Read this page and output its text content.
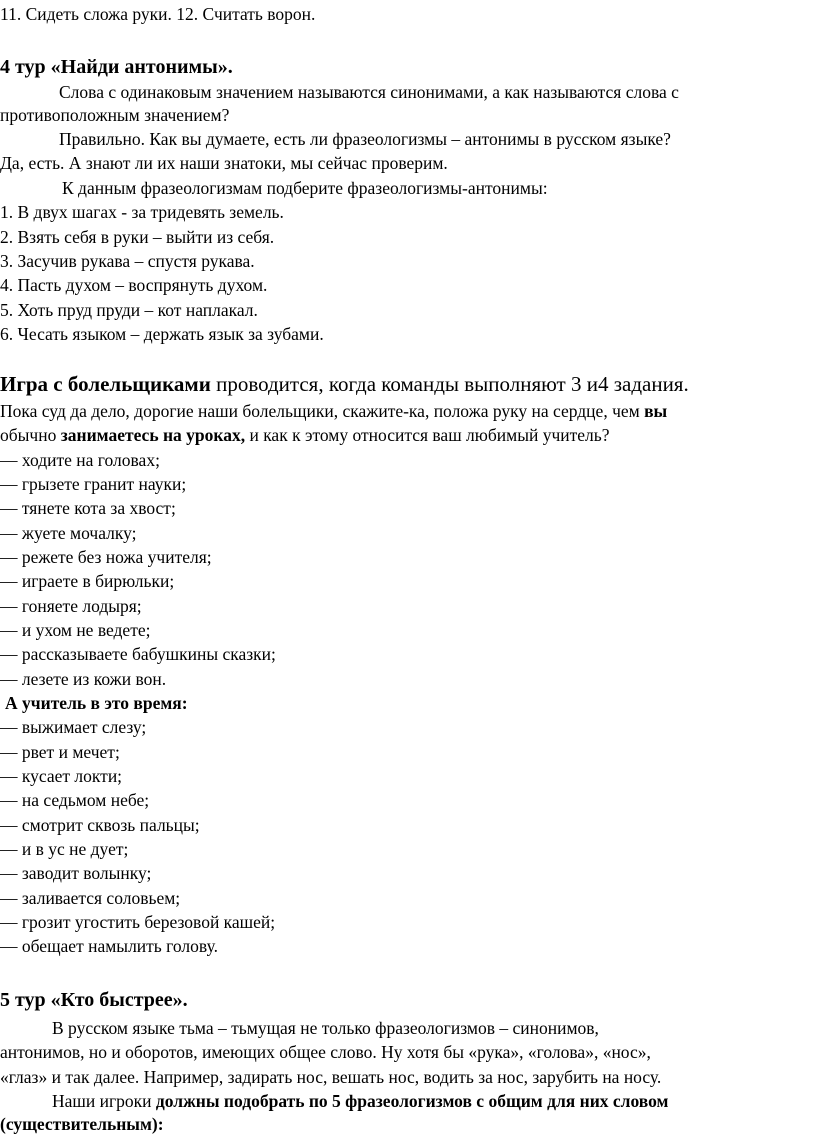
11. Сидеть сложа руки. 12. Считать ворон.
4 тур «Найди антонимы».
Слова с одинаковым значением называются синонимами, а как называются слова с
противоположным значением?
Правильно. Как вы думаете, есть ли фразеологизмы – антонимы в русском языке?
Да, есть. А знают ли их наши знатоки, мы сейчас проверим.
К данным фразеологизмам подберите фразеологизмы-антонимы:
1. В двух шагах - за тридевять земель.
2. Взять себя в руки – выйти из себя.
3. Засучив рукава – спустя рукава.
4. Пасть духом – воспрянуть духом.
5. Хоть пруд пруди – кот наплакал.
6. Чесать языком – держать язык за зубами.
Игра с болельщиками проводится, когда команды выполняют 3 и4 задания.
Пока суд да дело, дорогие наши болельщики, скажите-ка, положа руку на сердце, чем вы
обычно занимаетесь на уроках, и как к этому относится ваш любимый учитель?
— ходите на головах;
— грызете гранит науки;
— тянете кота за хвост;
— жуете мочалку;
— режете без ножа учителя;
— играете в бирюльки;
— гоняете лодыря;
— и ухом не ведете;
— рассказываете бабушкины сказки;
— лезете из кожи вон.
А учитель в это время:
— выжимает слезу;
— рвет и мечет;
— кусает локти;
— на седьмом небе;
— смотрит сквозь пальцы;
— и в ус не дует;
— заводит волынку;
— заливается соловьем;
— грозит угостить березовой кашей;
— обещает намылить голову.
5 тур «Кто быстрее».
В русском языке тьма – тьмущая не только фразеологизмов – синонимов,
антонимов, но и оборотов, имеющих общее слово. Ну хотя бы «рука», «голова», «нос»,
«глаз» и так далее. Например, задирать нос, вешать нос, водить за нос, зарубить на носу.
Наши игроки должны подобрать по 5 фразеологизмов с общим для них словом
(существительным):
